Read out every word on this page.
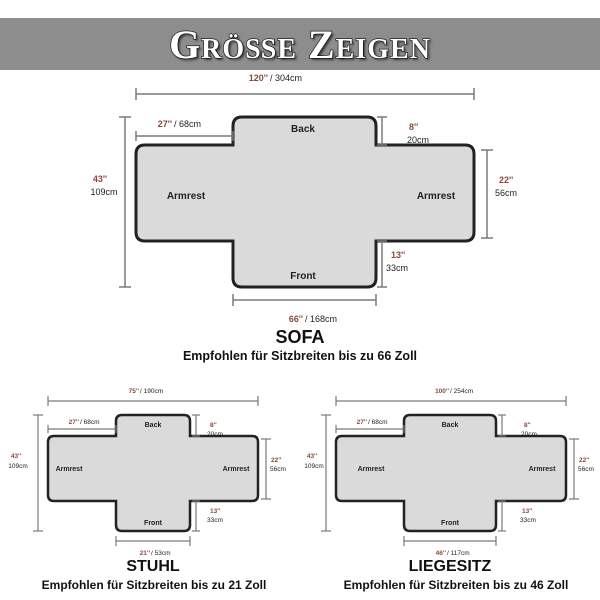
Größe Zeigen
Back
Front
Armrest	Armrest
120'' / 304cm
27'' / 68cm	8''
20cm
43''
109cm
22''
56cm
13''
33cm
66'' / 168cm
Back
Front
Armrest	Armrest
75'' / 190cm
27'' / 68cm	8''
20cm
43''
109cm
22''
56cm
13''
33cm
21'' / 53cm
Back
Front
Armrest	Armrest
100'' / 254cm
27'' / 68cm	8''
20cm
43''
109cm
22''
56cm
13''
33cm
46'' / 117cm
SOFA
Empfohlen für Sitzbreiten bis zu 66 Zoll
STUHL
Empfohlen für Sitzbreiten bis zu 21 Zoll
LIEGESITZ
Empfohlen für Sitzbreiten bis zu 46 Zoll
